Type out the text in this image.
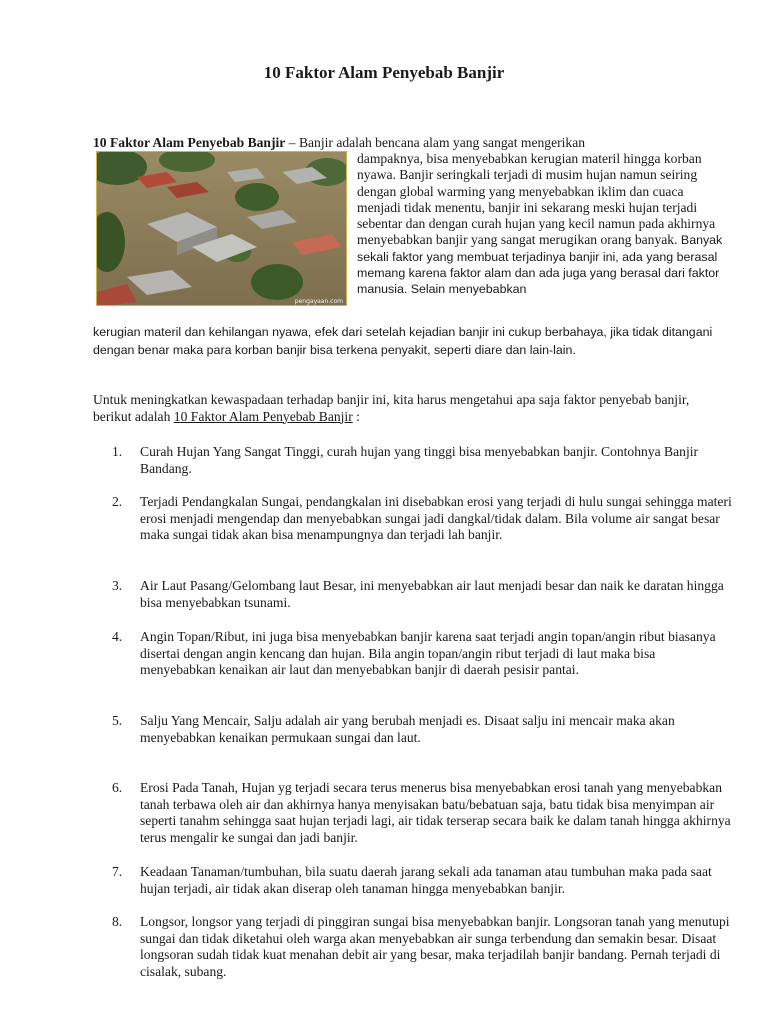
10 Faktor Alam Penyebab Banjir
10 Faktor Alam Penyebab Banjir – Banjir adalah bencana alam yang sangat mengerikan
pengayaan.com
dampaknya, bisa menyebabkan kerugian materil hingga korban nyawa. Banjir seringkali terjadi di musim hujan namun seiring dengan global warming yang menyebabkan iklim dan cuaca menjadi tidak menentu, banjir ini sekarang meski hujan terjadi sebentar dan dengan curah hujan yang kecil namun pada akhirnya menyebabkan banjir yang sangat merugikan orang banyak. Banyak sekali faktor yang membuat terjadinya banjir ini, ada yang berasal memang karena faktor alam dan ada juga yang berasal dari faktor manusia. Selain menyebabkan
kerugian materil dan kehilangan nyawa, efek dari setelah kejadian banjir ini cukup berbahaya, jika tidak ditangani dengan benar maka para korban banjir bisa terkena penyakit, seperti diare dan lain-lain.
Untuk meningkatkan kewaspadaan terhadap banjir ini, kita harus mengetahui apa saja faktor penyebab banjir, berikut adalah 10 Faktor Alam Penyebab Banjir :
1.	Curah Hujan Yang Sangat Tinggi, curah hujan yang tinggi bisa menyebabkan banjir. Contohnya Banjir Bandang.
2.	Terjadi Pendangkalan Sungai, pendangkalan ini disebabkan erosi yang terjadi di hulu sungai sehingga materi erosi menjadi mengendap dan menyebabkan sungai jadi dangkal/tidak dalam. Bila volume air sangat besar maka sungai tidak akan bisa menampungnya dan terjadi lah banjir.
3.	Air Laut Pasang/Gelombang laut Besar, ini menyebabkan air laut menjadi besar dan naik ke daratan hingga bisa menyebabkan tsunami.
4.	Angin Topan/Ribut, ini juga bisa menyebabkan banjir karena saat terjadi angin topan/angin ribut biasanya disertai dengan angin kencang dan hujan. Bila angin topan/angin ribut terjadi di laut maka bisa menyebabkan kenaikan air laut dan menyebabkan banjir di daerah pesisir pantai.
5.	Salju Yang Mencair, Salju adalah air yang berubah menjadi es. Disaat salju ini mencair maka akan menyebabkan kenaikan permukaan sungai dan laut.
6.	Erosi Pada Tanah, Hujan yg terjadi secara terus menerus bisa menyebabkan erosi tanah yang menyebabkan tanah terbawa oleh air dan akhirnya hanya menyisakan batu/bebatuan saja, batu tidak bisa menyimpan air seperti tanahm sehingga saat hujan terjadi lagi, air tidak terserap secara baik ke dalam tanah hingga akhirnya terus mengalir ke sungai dan jadi banjir.
7.	Keadaan Tanaman/tumbuhan, bila suatu daerah jarang sekali ada tanaman atau tumbuhan maka pada saat hujan terjadi, air tidak akan diserap oleh tanaman hingga menyebabkan banjir.
8.	Longsor, longsor yang terjadi di pinggiran sungai bisa menyebabkan banjir. Longsoran tanah yang menutupi sungai dan tidak diketahui oleh warga akan menyebabkan air sunga terbendung dan semakin besar. Disaat longsoran sudah tidak kuat menahan debit air yang besar, maka terjadilah banjir bandang. Pernah terjadi di cisalak, subang.
